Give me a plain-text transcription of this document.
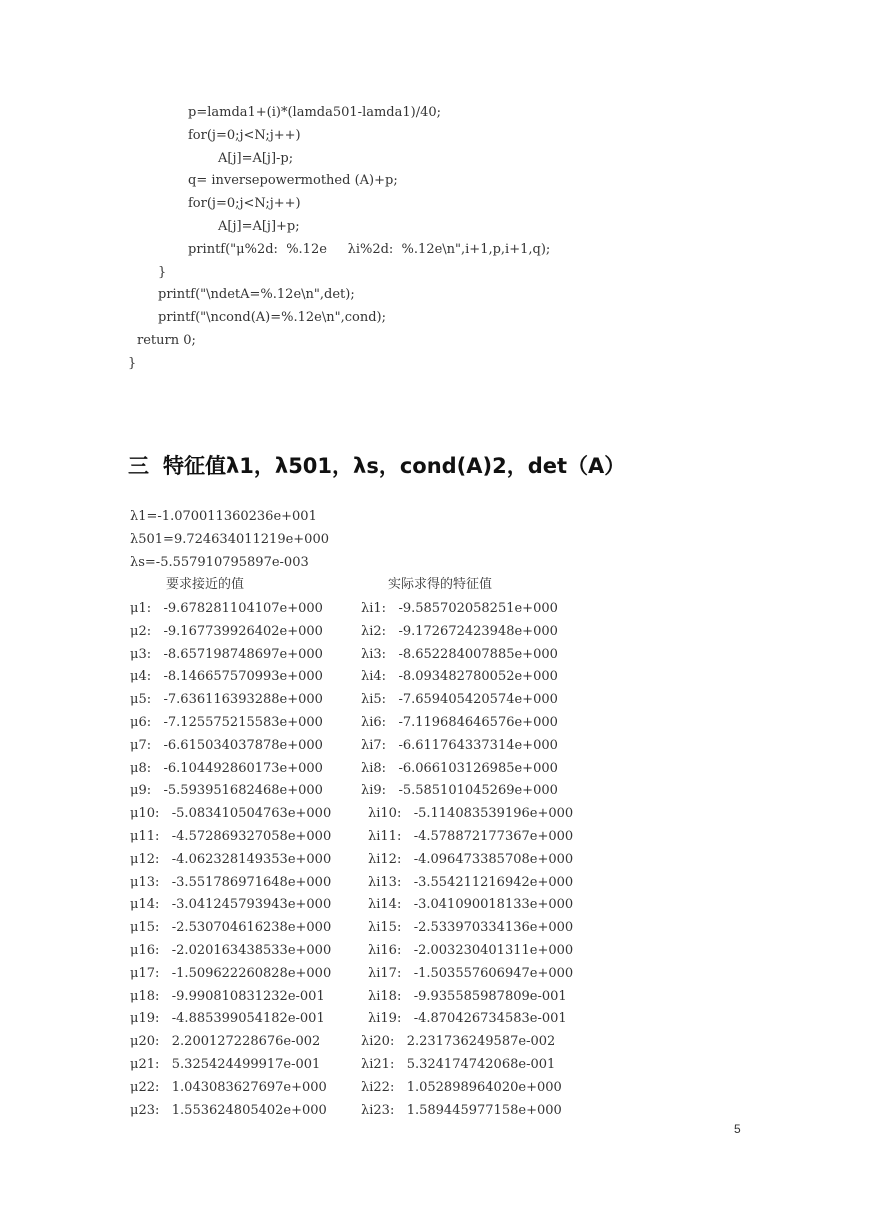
p=lamda1+(i)*(lamda501-lamda1)/40;
for(j=0;j<N;j++)
A[j]=A[j]-p;
q= inversepowermothed (A)+p;
for(j=0;j<N;j++)
A[j]=A[j]+p;
printf("μ%2d:  %.12e     λi%2d:  %.12e\n",i+1,p,i+1,q);
}
printf("\ndetA=%.12e\n",det);
printf("\ncond(A)=%.12e\n",cond);
return 0;
}
三 特征值λ1，λ501，λs，cond(A)2，det（A）
λ1=-1.070011360236e+001
λ501=9.724634011219e+000
λs=-5.557910795897e-003
要求接近的值	实际求得的特征值
μ1:   -9.678281104107e+000	λi1:   -9.585702058251e+000
μ2:   -9.167739926402e+000	λi2:   -9.172672423948e+000
μ3:   -8.657198748697e+000	λi3:   -8.652284007885e+000
μ4:   -8.146657570993e+000	λi4:   -8.093482780052e+000
μ5:   -7.636116393288e+000	λi5:   -7.659405420574e+000
μ6:   -7.125575215583e+000	λi6:   -7.119684646576e+000
μ7:   -6.615034037878e+000	λi7:   -6.611764337314e+000
μ8:   -6.104492860173e+000	λi8:   -6.066103126985e+000
μ9:   -5.593951682468e+000	λi9:   -5.585101045269e+000
μ10:   -5.083410504763e+000	λi10:   -5.114083539196e+000
μ11:   -4.572869327058e+000	λi11:   -4.578872177367e+000
μ12:   -4.062328149353e+000	λi12:   -4.096473385708e+000
μ13:   -3.551786971648e+000	λi13:   -3.554211216942e+000
μ14:   -3.041245793943e+000	λi14:   -3.041090018133e+000
μ15:   -2.530704616238e+000	λi15:   -2.533970334136e+000
μ16:   -2.020163438533e+000	λi16:   -2.003230401311e+000
μ17:   -1.509622260828e+000	λi17:   -1.503557606947e+000
μ18:   -9.990810831232e-001	λi18:   -9.935585987809e-001
μ19:   -4.885399054182e-001	λi19:   -4.870426734583e-001
μ20:   2.200127228676e-002	λi20:   2.231736249587e-002
μ21:   5.325424499917e-001	λi21:   5.324174742068e-001
μ22:   1.043083627697e+000	λi22:   1.052898964020e+000
μ23:   1.553624805402e+000	λi23:   1.589445977158e+000
5
